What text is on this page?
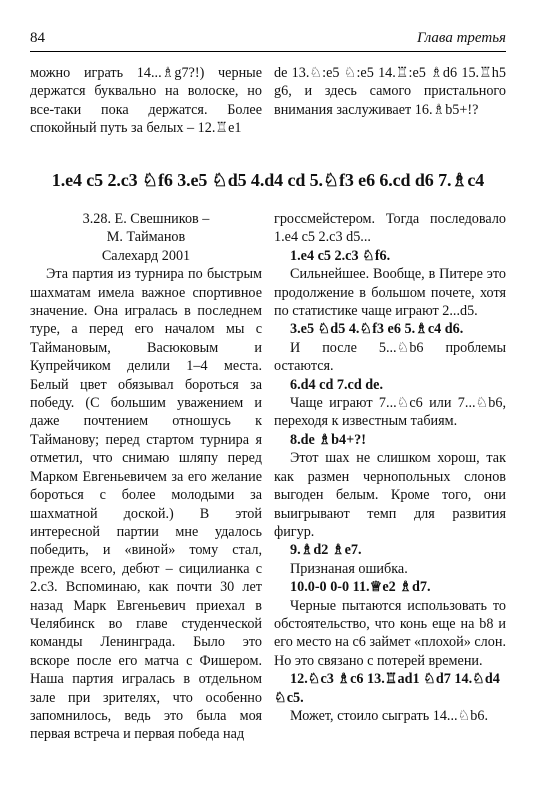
84	Глава третья
можно играть 14...♗g7?!) черные держатся буквально на волоске, но все-таки пока держатся. Более спокойный путь за белых – 12.♖e1
de 13.♘:e5 ♘:e5 14.♖:e5 ♗d6 15.♖h5 g6, и здесь самого пристального внимания заслуживает 16.♗b5+!?
1.e4 c5 2.c3 ♘f6 3.e5 ♘d5 4.d4 cd 5.♘f3 e6 6.cd d6 7.♗c4

3.28. Е. Свешников –

М. Тайманов

Салехард 2001

Эта партия из турнира по быстрым шахматам имела важное спортивное значение. Она игралась в последнем туре, а перед его началом мы с Таймановым, Васюковым и Купрейчиком делили 1–4 места. Белый цвет обязывал бороться за победу. (С большим уважением и даже почтением отношусь к Тайманову; перед стартом турнира я отметил, что снимаю шляпу перед Марком Евгеньевичем за его желание бороться с более молодыми за шахматной доской.) В этой интересной партии мне удалось победить, и «виной» тому стал, прежде всего, дебют – сицилианка с 2.c3. Вспоминаю, как почти 30 лет назад Марк Евгеньевич приехал в Челябинск во главе студенческой команды Ленинграда. Было это вскоре после его матча с Фишером. Наша партия игралась в отдельном зале при зрителях, что особенно запомнилось, ведь это была моя первая встреча и первая победа над

гроссмейстером. Тогда последовало 1.e4 c5 2.c3 d5...

1.e4 c5 2.c3 ♘f6.

Сильнейшее. Вообще, в Питере это продолжение в большом почете, хотя по статистике чаще играют 2...d5.

3.e5 ♘d5 4.♘f3 e6 5.♗c4 d6.

И после 5...♘b6 проблемы остаются.

6.d4 cd 7.cd de.

Чаще играют 7...♘c6 или 7...♘b6, переходя к известным табиям.

8.de ♗b4+?!

Этот шах не слишком хорош, так как размен чернопольных слонов выгоден белым. Кроме того, они выигрывают темп для развития фигур.

9.♗d2 ♗e7.

Признаная ошибка.

10.0-0 0-0 11.♕e2 ♗d7.

Черные пытаются использовать то обстоятельство, что конь еще на b8 и его место на c6 займет «плохой» слон. Но это связано с потерей времени.

12.♘c3 ♗c6 13.♖ad1 ♘d7 14.♘d4 ♘c5.

Может, стоило сыграть 14...♘b6.
